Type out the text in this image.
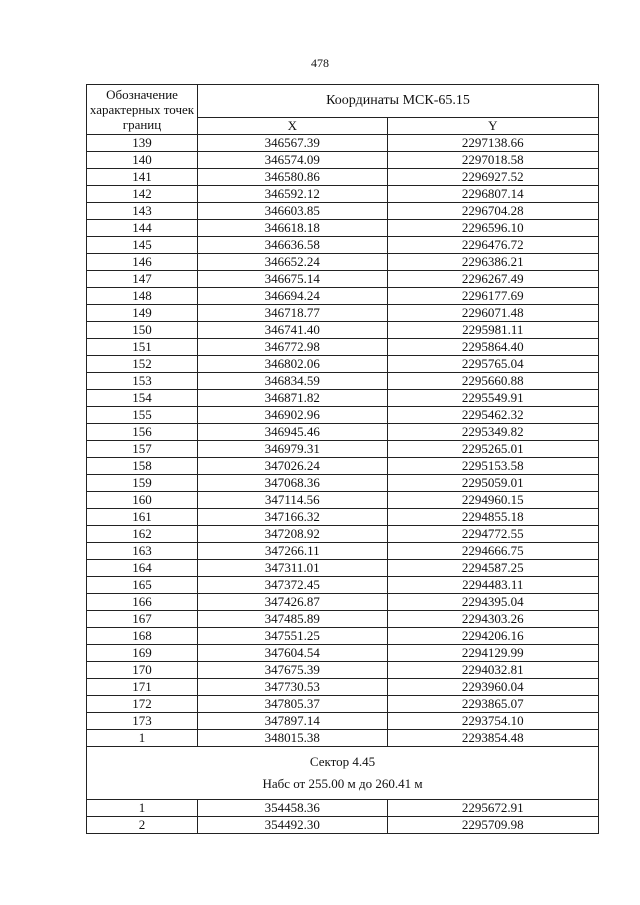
478
Обозначение характерных точек границ	Координаты МСК-65.15	
	X	Y
139	346567.39	2297138.66
140	346574.09	2297018.58
141	346580.86	2296927.52
142	346592.12	2296807.14
143	346603.85	2296704.28
144	346618.18	2296596.10
145	346636.58	2296476.72
146	346652.24	2296386.21
147	346675.14	2296267.49
148	346694.24	2296177.69
149	346718.77	2296071.48
150	346741.40	2295981.11
151	346772.98	2295864.40
152	346802.06	2295765.04
153	346834.59	2295660.88
154	346871.82	2295549.91
155	346902.96	2295462.32
156	346945.46	2295349.82
157	346979.31	2295265.01
158	347026.24	2295153.58
159	347068.36	2295059.01
160	347114.56	2294960.15
161	347166.32	2294855.18
162	347208.92	2294772.55
163	347266.11	2294666.75
164	347311.01	2294587.25
165	347372.45	2294483.11
166	347426.87	2294395.04
167	347485.89	2294303.26
168	347551.25	2294206.16
169	347604.54	2294129.99
170	347675.39	2294032.81
171	347730.53	2293960.04
172	347805.37	2293865.07
173	347897.14	2293754.10
1	348015.38	2293854.48

Сектор 4.45
Набс от 255.00 м до 260.41 м		

1	354458.36	2295672.91
2	354492.30	2295709.98
